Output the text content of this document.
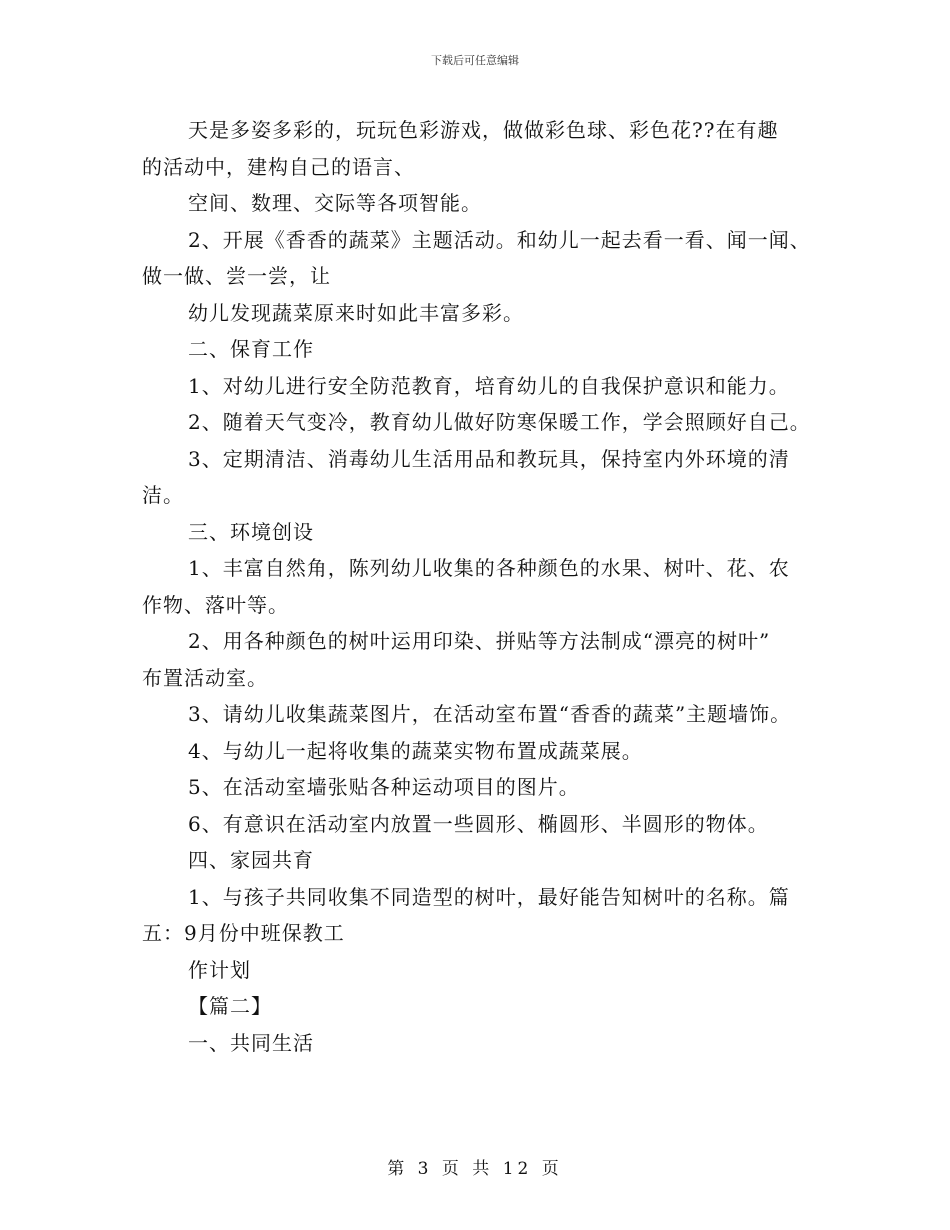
下载后可任意编辑
天是多姿多彩的，玩玩色彩游戏，做做彩色球、彩色花??在有趣
的活动中，建构自己的语言、
空间、数理、交际等各项智能。
2、开展《香香的蔬菜》主题活动。和幼儿一起去看一看、闻一闻、
做一做、尝一尝，让
幼儿发现蔬菜原来时如此丰富多彩。
二、保育工作
1、对幼儿进行安全防范教育，培育幼儿的自我保护意识和能力。
2、随着天气变冷，教育幼儿做好防寒保暖工作，学会照顾好自己。
3、定期清洁、消毒幼儿生活用品和教玩具，保持室内外环境的清
洁。
三、环境创设
1、丰富自然角，陈列幼儿收集的各种颜色的水果、树叶、花、农
作物、落叶等。
2、用各种颜色的树叶运用印染、拼贴等方法制成“漂亮的树叶”
布置活动室。
3、请幼儿收集蔬菜图片，在活动室布置“香香的蔬菜”主题墙饰。
4、与幼儿一起将收集的蔬菜实物布置成蔬菜展。
5、在活动室墙张贴各种运动项目的图片。
6、有意识在活动室内放置一些圆形、椭圆形、半圆形的物体。
四、家园共育
1、与孩子共同收集不同造型的树叶，最好能告知树叶的名称。篇
五：9月份中班保教工
作计划
【篇二】
一、共同生活
第 3 页 共 12 页
